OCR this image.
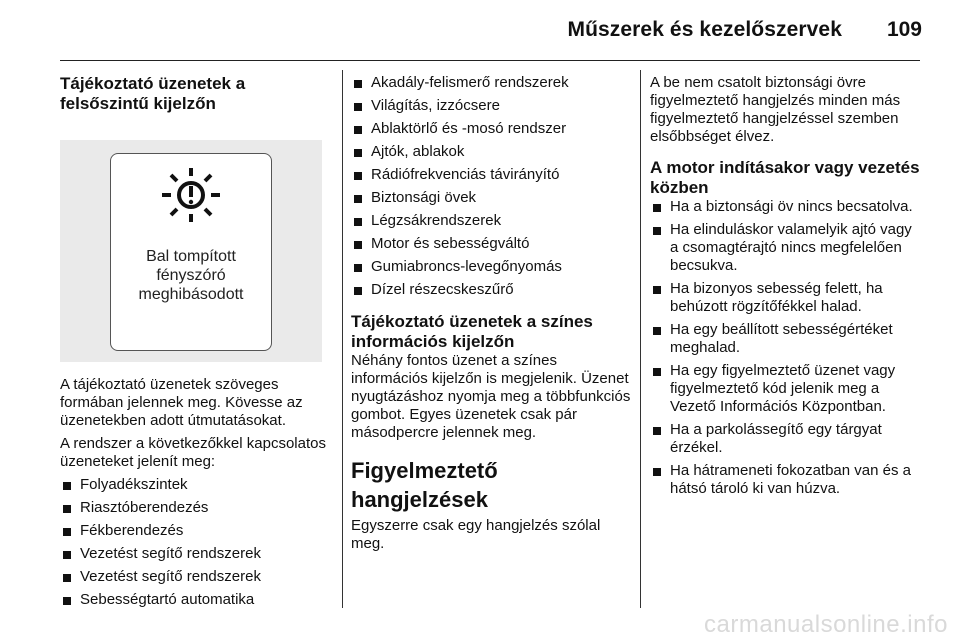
Műszerek és kezelőszervek 109
Tájékoztató üzenetek a felsőszintű kijelzőn
Bal tompított
fényszóró
meghibásodott

A tájékoztató üzenetek szöveges formában jelennek meg. Kövesse az üzenetekben adott útmutatásokat.

A rendszer a következőkkel kapcsolatos üzeneteket jelenít meg:

Folyadékszintek
Riasztóberendezés
Fékberendezés
Vezetést segítő rendszerek
Vezetést segítő rendszerek
Sebességtartó automatika
Akadály-felismerő rendszerek
Világítás, izzócsere
Ablaktörlő és -mosó rendszer
Ajtók, ablakok
Rádiófrekvenciás távirányító
Biztonsági övek
Légzsákrendszerek
Motor és sebességváltó
Gumiabroncs-levegőnyomás
Dízel részecskeszűrő
Tájékoztató üzenetek a színes információs kijelzőn

Néhány fontos üzenet a színes információs kijelzőn is megjelenik. Üzenet nyugtázáshoz nyomja meg a többfunkciós gombot. Egyes üzenetek csak pár másodpercre jelennek meg.

Figyelmeztető hangjelzések

Egyszerre csak egy hangjelzés szólal meg.

A be nem csatolt biztonsági övre figyelmeztető hangjelzés minden más figyelmeztető hangjelzéssel szemben elsőbbséget élvez.

A motor indításakor vagy vezetés közben
Ha a biztonsági öv nincs becsatolva.
Ha elinduláskor valamelyik ajtó vagy a csomagtérajtó nincs megfelelően becsukva.
Ha bizonyos sebesség felett, ha behúzott rögzítőfékkel halad.
Ha egy beállított sebességértéket meghalad.
Ha egy figyelmeztető üzenet vagy figyelmeztető kód jelenik meg a Vezető Információs Központban.
Ha a parkolássegítő egy tárgyat érzékel.
Ha hátrameneti fokozatban van és a hátsó tároló ki van húzva.
carmanualsonline.info
